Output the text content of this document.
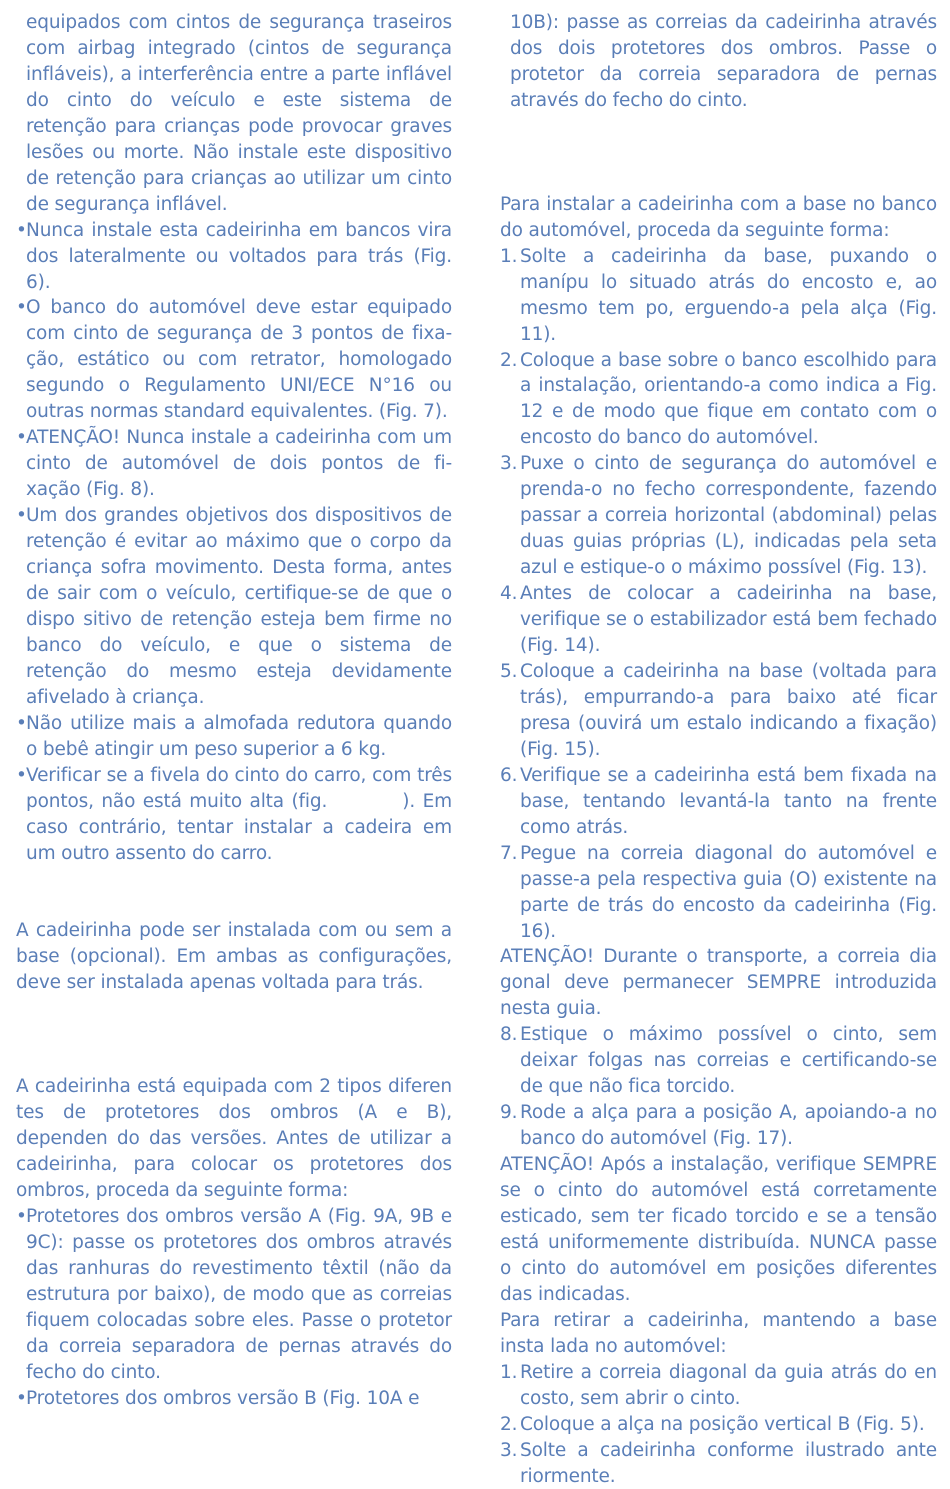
equipados com cintos de segurança traseiros com airbag integrado (cintos de segurança infláveis), a interferência entre a parte inflável do cinto do veículo e este sistema de retenção para crianças pode provocar graves lesões ou morte. Não instale este dispositivo de retenção para crianças ao utilizar um cinto de segurança inflável.

• Nunca instale esta cadeirinha em bancos vira dos lateralmente ou voltados para trás (Fig. 6).

• O banco do automóvel deve estar equipado com cinto de segurança de 3 pontos de fixa-ção, estático ou com retrator, homologado segundo o Regulamento UNI/ECE N°16 ou outras normas standard equivalentes. (Fig. 7).

• ATENÇÃO! Nunca instale a cadeirinha com um cinto de automóvel de dois pontos de fi- xação (Fig. 8).

• Um dos grandes objetivos dos dispositivos de retenção é evitar ao máximo que o corpo da criança sofra movimento. Desta forma, antes de sair com o veículo, certifique-se de que o dispo sitivo de retenção esteja bem firme no banco do veículo, e que o sistema de retenção do mesmo esteja devidamente afivelado à criança.

• Não utilize mais a almofada redutora quando o bebê atingir um peso superior a 6 kg.

• Verificar se a fivela do cinto do carro, com três pontos, não está muito alta (fig.          ). Em caso contrário, tentar instalar a cadeira em um outro assento do carro.

A cadeirinha pode ser instalada com ou sem a base (opcional). Em ambas as configurações, deve ser instalada apenas voltada para trás.

A cadeirinha está equipada com 2 tipos diferen tes de protetores dos ombros (A e B), dependen do das versões. Antes de utilizar a cadeirinha, para colocar os protetores dos ombros, proceda da seguinte forma:

• Protetores dos ombros versão A (Fig. 9A, 9B e 9C): passe os protetores dos ombros através das ranhuras do revestimento têxtil (não da estrutura por baixo), de modo que as correias fiquem colocadas sobre eles. Passe o protetor da correia separadora de pernas através do fecho do cinto.

• Protetores dos ombros versão B (Fig. 10A e

10B): passe as correias da cadeirinha através dos dois protetores dos ombros. Passe o protetor da correia separadora de pernas através do fecho do cinto.

Para instalar a cadeirinha com a base no banco do automóvel, proceda da seguinte forma:

1. Solte a cadeirinha da base, puxando o manípu lo situado atrás do encosto e, ao mesmo tem po, erguendo-a pela alça (Fig. 11).
2. Coloque a base sobre o banco escolhido para a instalação, orientando-a como indica a Fig. 12 e de modo que fique em contato com o encosto do banco do automóvel.
3. Puxe o cinto de segurança do automóvel e prenda-o no fecho correspondente, fazendo passar a correia horizontal (abdominal) pelas duas guias próprias (L), indicadas pela seta azul e estique-o o máximo possível (Fig. 13).
4. Antes de colocar a cadeirinha na base, verifique se o estabilizador está bem fechado (Fig. 14).
5. Coloque a cadeirinha na base (voltada para trás), empurrando-a para baixo até ficar presa (ouvirá um estalo indicando a fixação) (Fig. 15).
6. Verifique se a cadeirinha está bem fixada na base, tentando levantá-la tanto na frente como atrás.
7. Pegue na correia diagonal do automóvel e passe-a pela respectiva guia (O) existente na parte de trás do encosto da cadeirinha (Fig. 16).

ATENÇÃO! Durante o transporte, a correia dia gonal deve permanecer SEMPRE introduzida nesta guia.

8. Estique o máximo possível o cinto, sem deixar folgas nas correias e certificando-se de que não fica torcido.
9. Rode a alça para a posição A, apoiando-a no banco do automóvel (Fig. 17).

ATENÇÃO! Após a instalação, verifique SEMPRE se o cinto do automóvel está corretamente esticado, sem ter ficado torcido e se a tensão está uniformemente distribuída. NUNCA passe o cinto do automóvel em posições diferentes das indicadas.

Para retirar a cadeirinha, mantendo a base insta lada no automóvel:

1. Retire a correia diagonal da guia atrás do en costo, sem abrir o cinto.
2. Coloque a alça na posição vertical B (Fig. 5).
3. Solte a cadeirinha conforme ilustrado ante riormente.
